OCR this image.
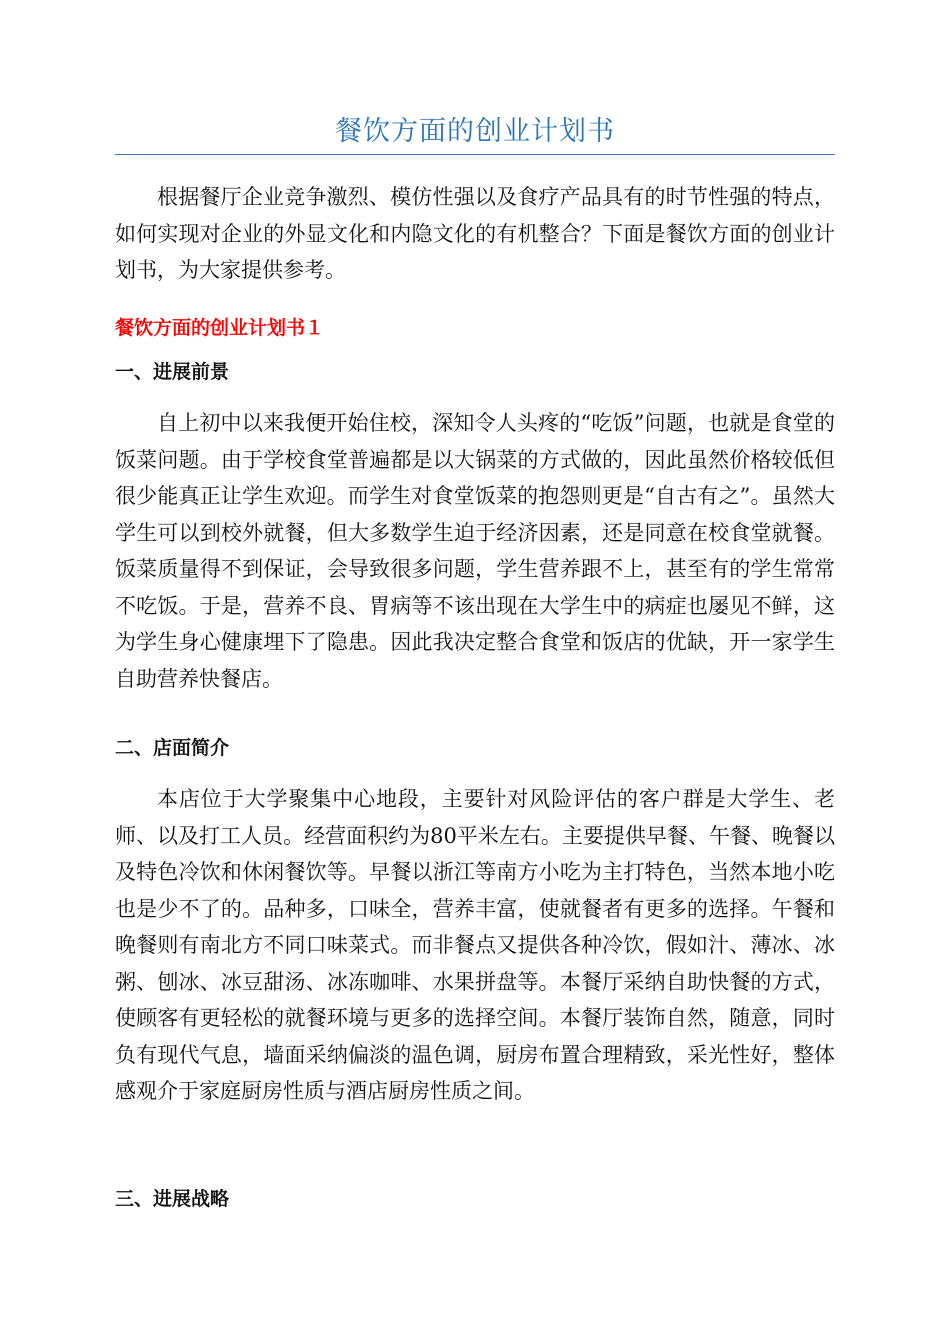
餐饮方面的创业计划书

根据餐厅企业竞争激烈、模仿性强以及食疗产品具有的时节性强的特点，如何实现对企业的外显文化和内隐文化的有机整合？下面是餐饮方面的创业计划书，为大家提供参考。

餐饮方面的创业计划书１
一、进展前景

自上初中以来我便开始住校，深知令人头疼的“吃饭”问题，也就是食堂的饭菜问题。由于学校食堂普遍都是以大锅菜的方式做的，因此虽然价格较低但很少能真正让学生欢迎。而学生对食堂饭菜的抱怨则更是“自古有之”。虽然大学生可以到校外就餐，但大多数学生迫于经济因素，还是同意在校食堂就餐。饭菜质量得不到保证，会导致很多问题，学生营养跟不上，甚至有的学生常常不吃饭。于是，营养不良、胃病等不该出现在大学生中的病症也屡见不鲜，这为学生身心健康埋下了隐患。因此我决定整合食堂和饭店的优缺，开一家学生自助营养快餐店。

二、店面简介

本店位于大学聚集中心地段，主要针对风险评估的客户群是大学生、老师、以及打工人员。经营面积约为80平米左右。主要提供早餐、午餐、晚餐以及特色冷饮和休闲餐饮等。早餐以浙江等南方小吃为主打特色，当然本地小吃也是少不了的。品种多，口味全，营养丰富，使就餐者有更多的选择。午餐和晚餐则有南北方不同口味菜式。而非餐点又提供各种冷饮，假如汁、薄冰、冰粥、刨冰、冰豆甜汤、冰冻咖啡、水果拼盘等。本餐厅采纳自助快餐的方式，使顾客有更轻松的就餐环境与更多的选择空间。本餐厅装饰自然，随意，同时负有现代气息，墙面采纳偏淡的温色调，厨房布置合理精致，采光性好，整体感观介于家庭厨房性质与酒店厨房性质之间。

三、进展战略
